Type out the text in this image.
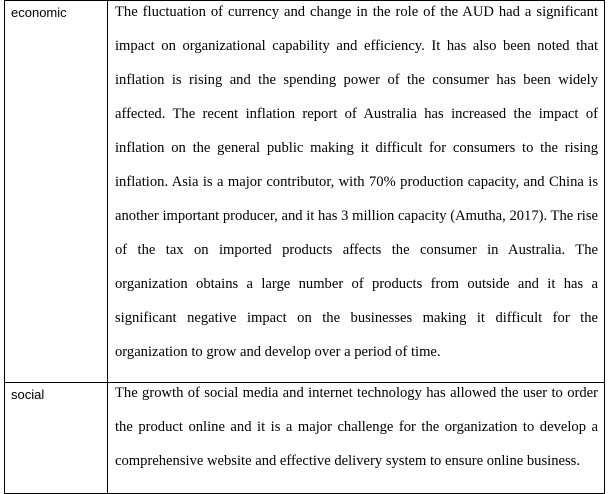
economic	The fluctuation of currency and change in the role of the AUD had a significant impact on organizational capability and efficiency. It has also been noted that inflation is rising and the spending power of the consumer has been widely affected. The recent inflation report of Australia has increased the impact of inflation on the general public making it difficult for consumers to the rising inflation. Asia is a major contributor, with 70% production capacity, and China is another important producer, and it has 3 million capacity (Amutha, 2017). The rise of the tax on imported products affects the consumer in Australia. The organization obtains a large number of products from outside and it has a significant negative impact on the businesses making it difficult for the organization to grow and develop over a period of time.

social	The growth of social media and internet technology has allowed the user to order the product online and it is a major challenge for the organization to develop a comprehensive website and effective delivery system to ensure online business.
